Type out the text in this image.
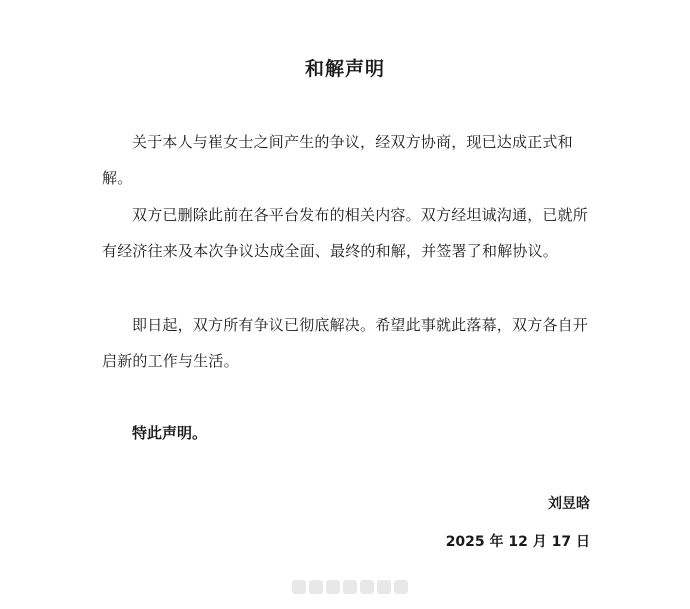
和解声明
关于本人与崔女士之间产生的争议，经双方协商，现已达成正式和解。
双方已删除此前在各平台发布的相关内容。双方经坦诚沟通，已就所有经济往来及本次争议达成全面、最终的和解，并签署了和解协议。
即日起，双方所有争议已彻底解决。希望此事就此落幕，双方各自开启新的工作与生活。
特此声明。
刘昱晗
2025 年 12 月 17 日
